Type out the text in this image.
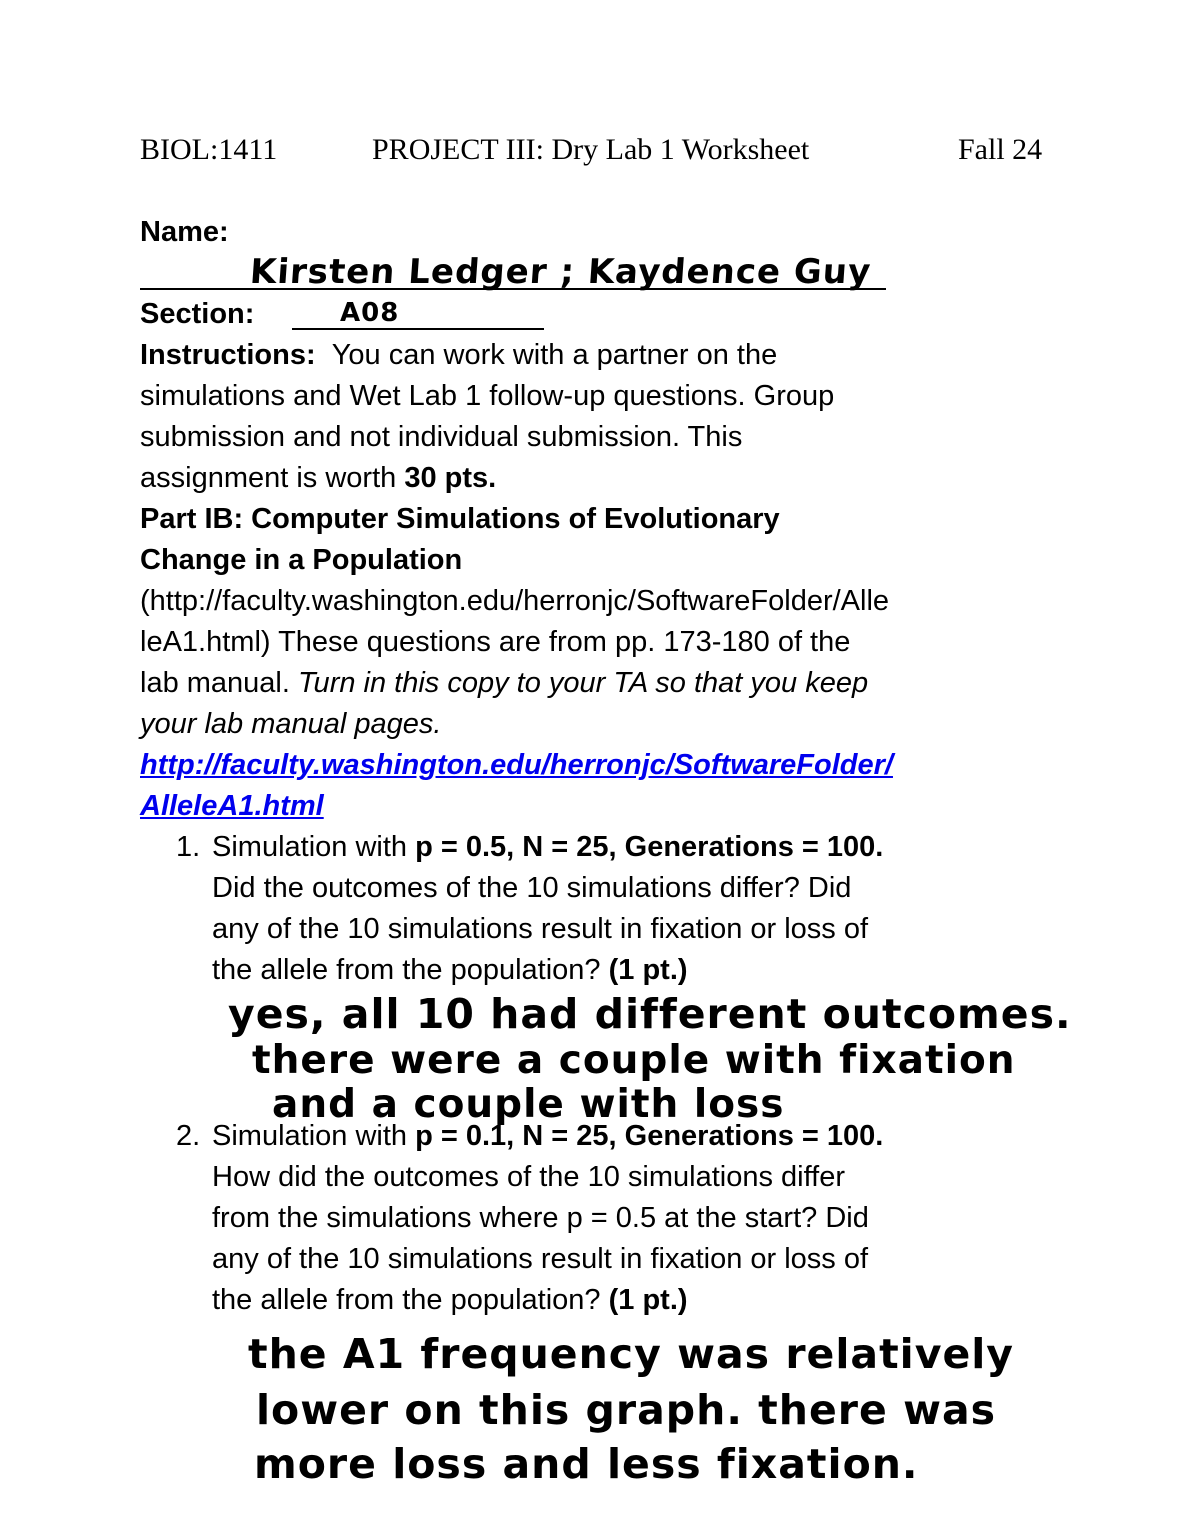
BIOL:1411	PROJECT III: Dry Lab 1 Worksheet	Fall 24
Name:
Kirsten Ledger ; Kaydence Guy
Section:	A08
Instructions: You can work with a partner on the
simulations and Wet Lab 1 follow-up questions. Group
submission and not individual submission. This
assignment is worth 30 pts.
Part IB: Computer Simulations of Evolutionary
Change in a Population
(http://faculty.washington.edu/herronjc/SoftwareFolder/Alle
leA1.html) These questions are from pp. 173-180 of the
lab manual. Turn in this copy to your TA so that you keep
your lab manual pages.
http://faculty.washington.edu/herronjc/SoftwareFolder/
AlleleA1.html
1. Simulation with p = 0.5, N = 25, Generations = 100.
Did the outcomes of the 10 simulations differ? Did
any of the 10 simulations result in fixation or loss of
the allele from the population? (1 pt.)
yes, all 10 had different outcomes.
there were a couple with fixation
and a couple with loss
2. Simulation with p = 0.1, N = 25, Generations = 100.
How did the outcomes of the 10 simulations differ
from the simulations where p = 0.5 at the start? Did
any of the 10 simulations result in fixation or loss of
the allele from the population? (1 pt.)
the A1 frequency was relatively
lower on this graph. there was
more loss and less fixation.
